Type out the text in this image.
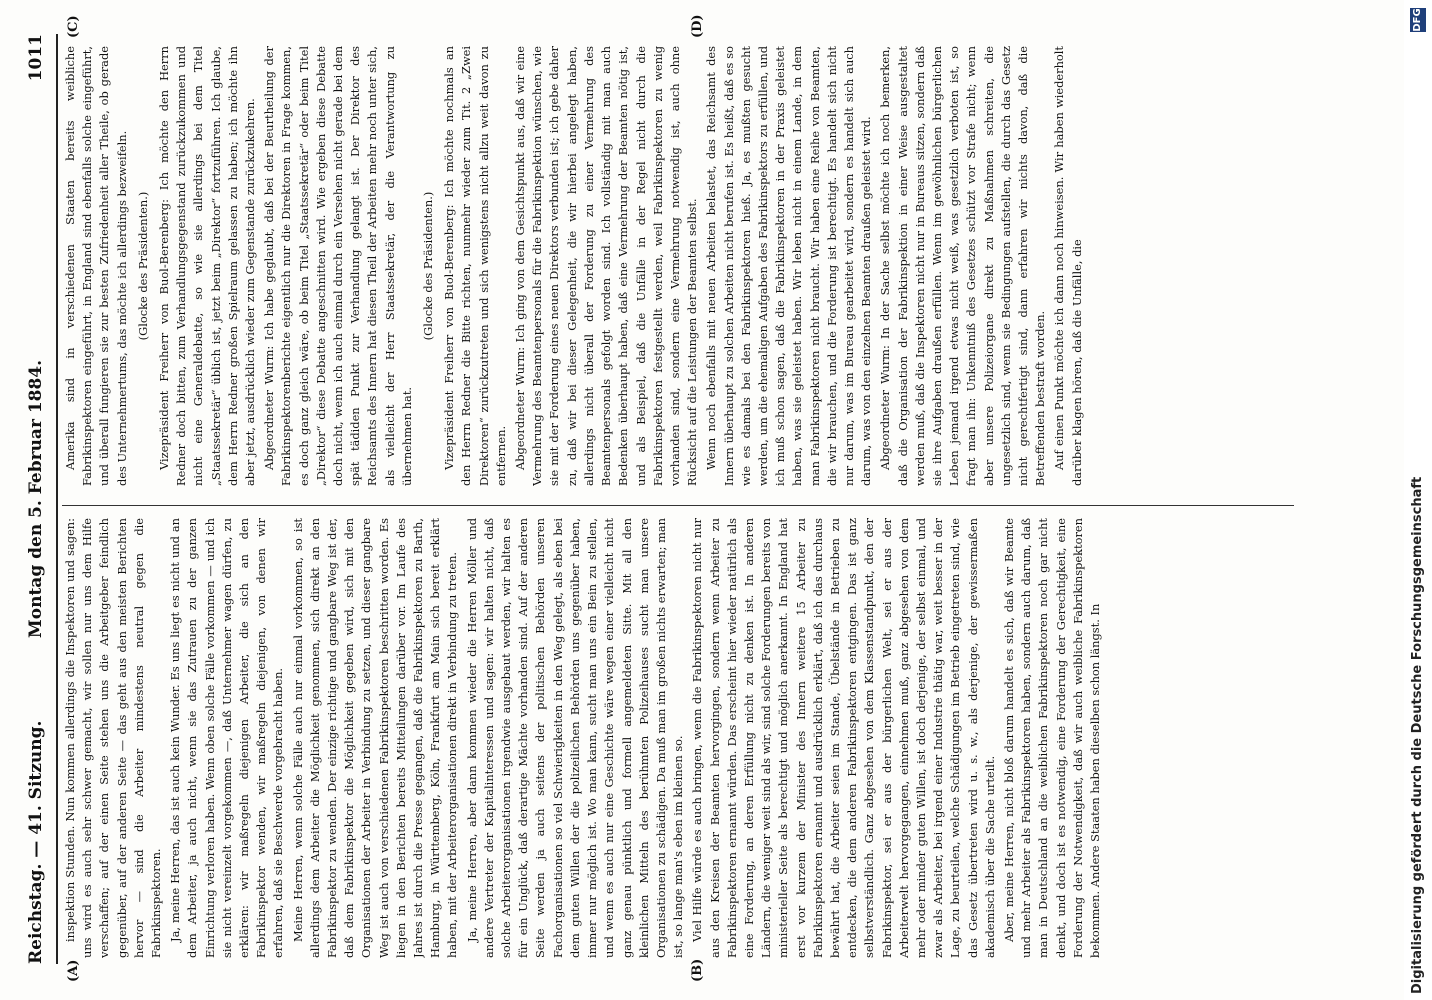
Reichstag. — 41. Sitzung.
Montag den 5. Februar 1884.
1011
(A)	(B)
(C)	(D)

inspektion Stunden. Nun kommen allerdings die Inspektoren und sagen: uns wird es auch sehr schwer gemacht, wir sollen nur uns dem Hilfe verschaffen; auf der einen Seite stehen uns die Arbeitgeber feindlich gegenüber, auf der anderen Seite — das geht aus den meisten Berichten hervor — sind die Arbeiter mindestens neutral gegen die Fabrikinspektoren. Ja, meine Herren, das ist auch kein Wunder. Es uns liegt es nicht und an dem Arbeiter, ja auch nicht, wenn sie das Zutrauen zu der ganzen Einrichtung verloren haben. Wenn oben solche Fälle vorkommen — und ich sie nicht vereinzelt vorgekommen —, daß Unternehmer wagen dürfen, zu erklären: wir maßregeln diejenigen Arbeiter, die sich an den Fabrikinspektor wenden, wir maßregeln diejenigen, von denen wir erfahren, daß sie Beschwerde vorgebracht haben. Meine Herren, wenn solche Fälle auch nur einmal vorkommen, so ist allerdings dem Arbeiter die Möglichkeit genommen, sich direkt an den Fabrikinspektor zu wenden. Der einzige richtige und gangbare Weg ist der, daß dem Fabrikinspektor die Möglichkeit gegeben wird, sich mit den Organisationen der Arbeiter in Verbindung zu setzen, und dieser gangbare Weg ist auch von verschiedenen Fabrikinspektoren beschritten worden. Es liegen in den Berichten bereits Mitteilungen darüber vor. Im Laufe des Jahres ist durch die Presse gegangen, daß die Fabrikinspektoren zu Barth, Hamburg, in Württemberg, Köln, Frankfurt am Main sich bereit erklärt haben, mit der Arbeiterorganisationen direkt in Verbindung zu treten. Ja, meine Herren, aber dann kommen wieder die Herren Möller und andere Vertreter der Kapitalinteressen und sagen: wir halten nicht, daß solche Arbeiterorganisationen irgendwie ausgebaut werden, wir halten es für ein Unglück, daß derartige Mächte vorhanden sind. Auf der anderen Seite werden ja auch seitens der politischen Behörden unseren Fachorganisationen so viel Schwierigkeiten in den Weg gelegt, als eben bei dem guten Willen der die polizeilichen Behörden uns gegenüber haben, immer nur möglich ist. Wo man kann, sucht man uns ein Bein zu stellen, und wenn es auch nur eine Geschichte wäre wegen einer vielleicht nicht ganz genau pünktlich und formell angemeldeten Sitte. Mit all den kleinlichen Mitteln des berühmten Polizeihauses sucht man unsere Organisationen zu schädigen. Da muß man im großen nichts erwarten; man ist, so lange man's eben im kleinen so. Viel Hilfe würde es auch bringen, wenn die Fabrikinspektoren nicht nur aus den Kreisen der Beamten hervorgingen, sondern wenn Arbeiter zu Fabrikinspektoren ernannt würden. Das erscheint hier wieder natürlich als eine Forderung, an deren Erfüllung nicht zu denken ist. In anderen Ländern, die weniger weit sind als wir, sind solche Forderungen bereits von ministerieller Seite als berechtigt und möglich anerkannt. In England hat erst vor kurzem der Minister des Innern weitere 15 Arbeiter zu Fabrikinspektoren ernannt und ausdrücklich erklärt, daß ich das durchaus bewährt hat, die Arbeiter seien im Stande, Übelstände in Betrieben zu entdecken, die dem anderen Fabrikinspektoren entgingen. Das ist ganz selbstverständlich. Ganz abgesehen von dem Klassenstandpunkt, den der Fabrikinspektor, sei er aus der bürgerlichen Welt, sei er aus der Arbeiterwelt hervorgegangen, einnehmen muß, ganz abgesehen von dem mehr oder minder guten Willen, ist doch derjenige, der selbst einmal, und zwar als Arbeiter, bei irgend einer Industrie thätig war, weit besser in der Lage, zu beurteilen, welche Schädigungen im Betrieb eingetreten sind, wie das Gesetz übertreten wird u. s. w., als derjenige, der gewissermaßen akademisch über die Sache urteilt. Aber, meine Herren, nicht bloß darum handelt es sich, daß wir Beamte und mehr Arbeiter als Fabrikinspektoren haben, sondern auch darum, daß man in Deutschland an die weiblichen Fabrikinspektoren noch gar nicht denkt, und doch ist es notwendig, eine Forderung der Gerechtigkeit, eine Forderung der Notwendigkeit, daß wir auch weibliche Fabrikinspektoren bekommen. Andere Staaten haben dieselben schon längst. In

Amerika sind in verschiedenen Staaten bereits weibliche Fabrikinspektoren eingeführt, in England sind ebenfalls solche eingeführt, und überall fungieren sie zur besten Zufriedenheit aller Theile, ob gerade des Unternehmertums, das möchte ich allerdings bezweifeln. (Glocke des Präsidenten.) Vizepräsident Freiherr von Buol-Berenberg: Ich möchte den Herrn Redner doch bitten, zum Verhandlungsgegenstand zurückzukommen und nicht eine Generaldebatte, so wie sie allerdings bei dem Titel „Staatssekretär“ üblich ist, jetzt beim „Direktor“ fortzuführen. Ich glaube, dem Herrn Redner großen Spielraum gelassen zu haben; ich möchte ihn aber jetzt, ausdrücklich wieder zum Gegenstande zurückzukehren. Abgeordneter Wurm: Ich habe geglaubt, daß bei der Beurtheilung der Fabrikinspektorenberichte eigentlich nur die Direktoren in Frage kommen, es doch ganz gleich wäre, ob beim Titel „Staatssekretär“ oder beim Titel „Direktor“ diese Debatte angeschnitten wird. Wie ergeben diese Debatte doch nicht, wenn ich auch einmal durch ein Versehen nicht gerade bei dem spät tädiden Punkt zur Verhandlung gelangt ist. Der Direktor des Reichsamts des Innern hat diesen Theil der Arbeiten mehr noch unter sich, als vielleicht der Herr Staatssekretär, der die Verantwortung zu übernehmen hat.

(Glocke des Präsidenten.) Vizepräsident Freiherr von Buol-Berenberg: Ich möchte nochmals an den Herrn Redner die Bitte richten, nunmehr wieder zum Tit. 2 „Zwei Direktoren“ zurückzutreten und sich wenigstens nicht allzu weit davon zu entfernen. Abgeordneter Wurm: Ich ging von dem Gesichtspunkt aus, daß wir eine Vermehrung des Beamtenpersonals für die Fabrikinspektion wünschen, wie sie mit der Forderung eines neuen Direktors verbunden ist; ich gebe daher zu, daß wir bei dieser Gelegenheit, die wir hierbei angelegt haben, allerdings nicht überall der Forderung zu einer Vermehrung des Beamtenpersonals gefolgt worden sind. Ich vollständig mit man auch Bedenken überhaupt haben, daß eine Vermehrung der Beamten nötig ist, und als Beispiel, daß die Unfälle in der Regel nicht durch die Fabrikinspektoren festgestellt werden, weil Fabrikinspektoren zu wenig vorhanden sind, sondern eine Vermehrung notwendig ist, auch ohne Rücksicht auf die Leistungen der Beamten selbst. Wenn noch ebenfalls mit neuen Arbeiten belastet, das Reichsamt des Innern überhaupt zu solchen Arbeiten nicht berufen ist. Es heißt, daß es so wie es damals bei den Fabrikinspektoren hieß. Ja, es mußten gesucht werden, um die ehemaligen Aufgaben des Fabrikinspektors zu erfüllen, und ich muß schon sagen, daß die Fabrikinspektoren in der Praxis geleistet haben, was sie geleistet haben. Wir leben nicht in einem Lande, in dem man Fabrikinspektoren nicht braucht. Wir haben eine Reihe von Beamten, die wir brauchen, und die Forderung ist berechtigt. Es handelt sich nicht nur darum, was im Bureau gearbeitet wird, sondern es handelt sich auch darum, was von den einzelnen Beamten draußen geleistet wird. Abgeordneter Wurm: In der Sache selbst möchte ich noch bemerken, daß die Organisation der Fabrikinspektion in einer Weise ausgestaltet werden muß, daß die Inspektoren nicht nur in Bureaus sitzen, sondern daß sie ihre Aufgaben draußen erfüllen. Wenn im gewöhnlichen bürgerlichen Leben jemand irgend etwas nicht weiß, was gesetzlich verboten ist, so fragt man ihn: Unkenntniß des Gesetzes schützt vor Strafe nicht; wenn aber unsere Polizeiorgane direkt zu Maßnahmen schreiten, die ungesetzlich sind, wenn sie Bedingungen aufstellen, die durch das Gesetz nicht gerechtfertigt sind, dann erfahren wir nichts davon, daß die Betreffenden bestraft worden. Auf einen Punkt möchte ich dann noch hinweisen. Wir haben wiederholt darüber klagen hören, daß die Unfälle, die

Digitalisierung gefördert durch die Deutsche Forschungsgemeinschaft
DFG
